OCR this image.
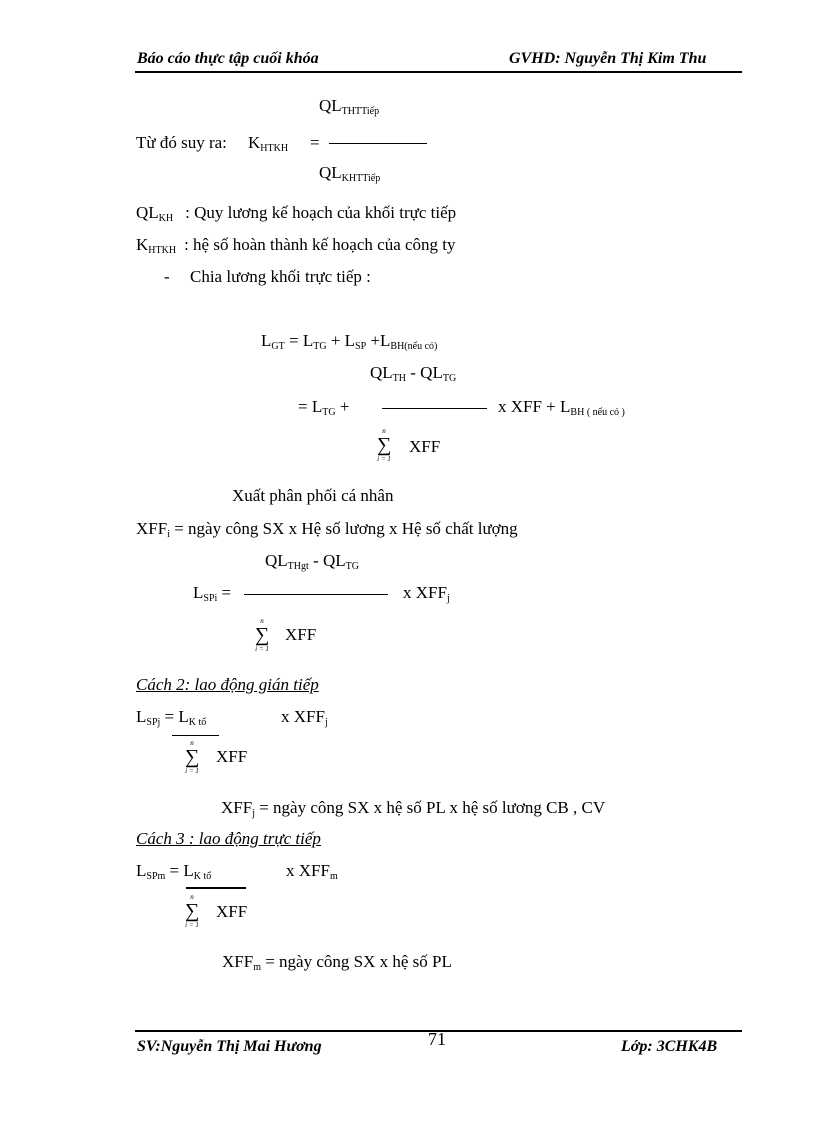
Báo cáo thực tập cuối khóa	GVHD: Nguyễn Thị Kim Thu
$QL_{THTTiếp}$
Từ đó suy ra: $K_{HTKH}$ =
$QL_{KHTTiếp}$
$QL_{KH}$ : Quy lương kế hoạch của khối trực tiếp
$K_{HTKH}$ : hệ số hoàn thành kế hoạch của công ty
- Chia lương khối trực tiếp :
$L_{GT} = L_{TG} + L_{SP} +L_{BH(nếu có)}$
$QL_{TH} - QL_{TG}$
= $L_{TG}$ +	x XFF + $L_{BH ( nếu có )}$
n
∑
i = 1
XFF
Xuất phân phối cá nhân
$XFF_i$ = ngày công SX x Hệ số lương x Hệ số chất lượng
$QL_{THgt} - QL_{TG}$
$L_{SPi}$ =	x $XFF_j$
n
∑
i = 1
XFF
Cách 2: lao động gián tiếp
$L_{SPj} = L_{K tổ}$	x $XFF_j$
n
∑
i = 1
XFF
$XFF_j$ = ngày công SX x hệ số PL x hệ số lương CB , CV
Cách 3 : lao động trực tiếp
$L_{SPm} = L_{K tổ}$	x $XFF_m$
n
∑
i = 1
XFF
$XFF_m$ = ngày công SX x hệ số PL
SV:Nguyễn Thị Mai Hương	71	Lớp: 3CHK4B
